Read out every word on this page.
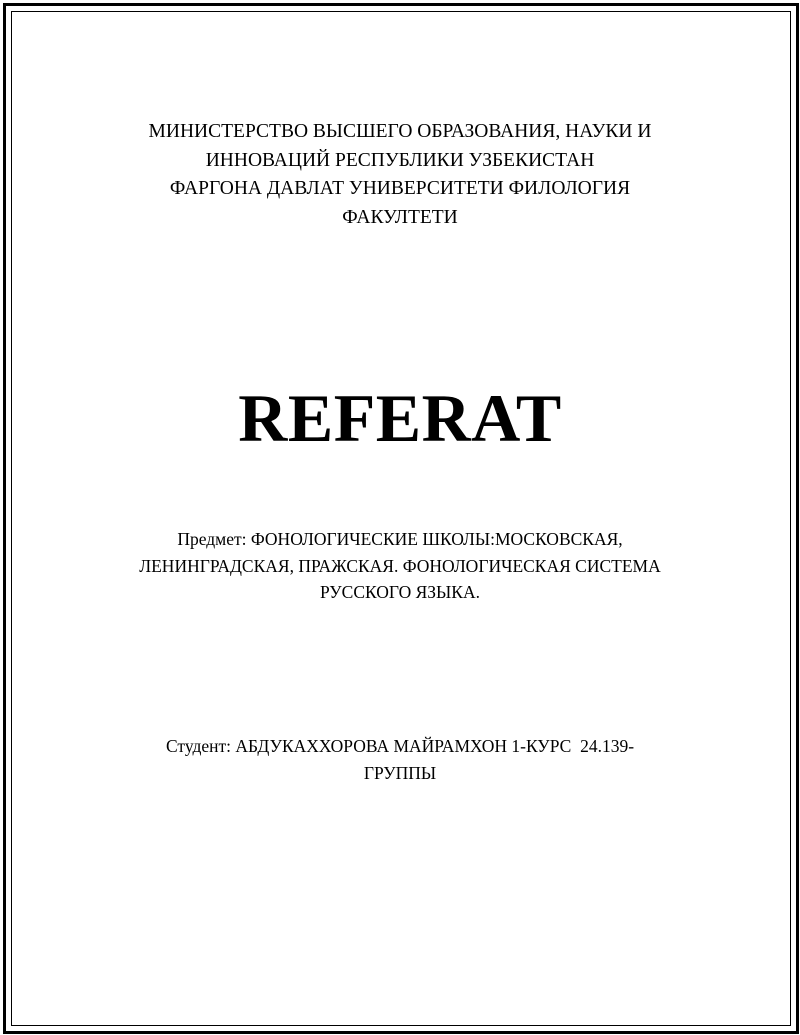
МИНИСТЕРСТВО ВЫСШЕГО ОБРАЗОВАНИЯ, НАУКИ И
ИННОВАЦИЙ РЕСПУБЛИКИ УЗБЕКИСТАН
ФАРГОНА ДАВЛАТ УНИВЕРСИТЕТИ ФИЛОЛОГИЯ
ФАКУЛТЕТИ
REFERAT
Предмет: ФОНОЛОГИЧЕСКИЕ ШКОЛЫ:МОСКОВСКАЯ,
ЛЕНИНГРАДСКАЯ, ПРАЖСКАЯ. ФОНОЛОГИЧЕСКАЯ СИСТЕМА
РУССКОГО ЯЗЫКА.
Студент: АБДУКАХХОРОВА МАЙРАМХОН 1-КУРС  24.139-
ГРУППЫ
